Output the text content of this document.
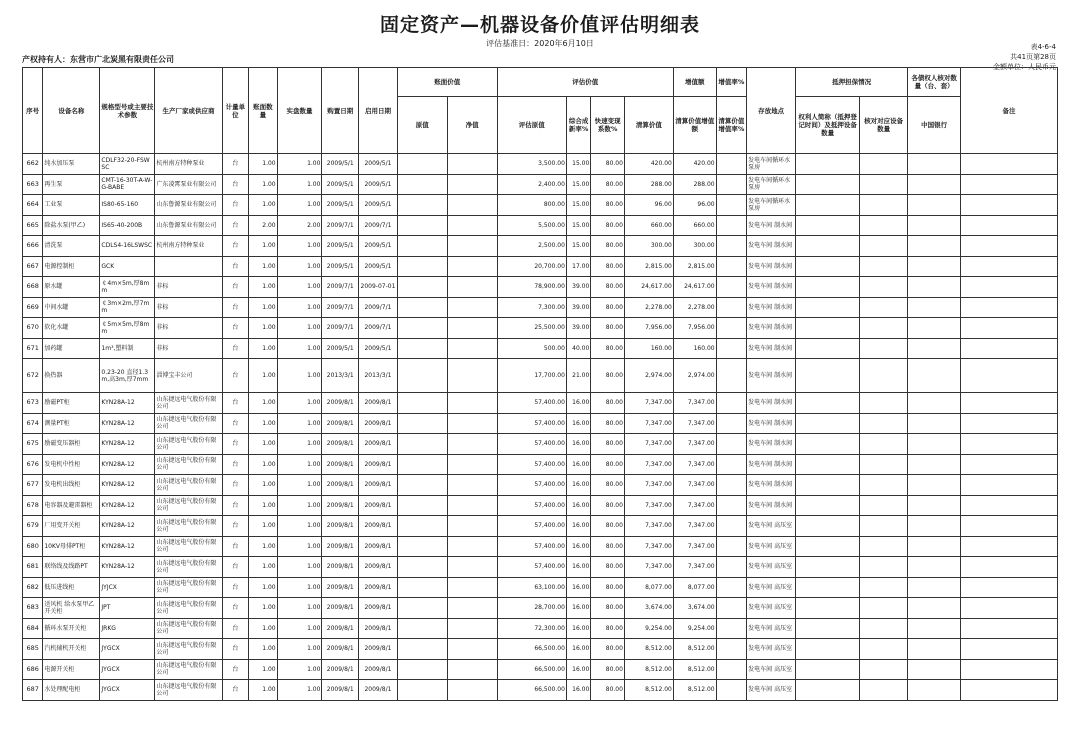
固定资产—机器设备价值评估明细表
评估基准日：2020年6月10日
产权持有人：东营市广北炭黑有限责任公司
表4-6-4
共41页第28页
金额单位：人民币元
序号	设备名称	规格型号或主要技术参数	生产厂家或供应商	计量单位	账面数量	实盘数量	购置日期	启用日期	账面价值		评估价值				增值额	增值率%	存放地点	抵押担保情况		各债权人核对数量（台、套）	备注
									原值	净值	评估原值	综合成新率%	快速变现系数%	清算价值	清算价值增值额	清算价值增值率%		权利人简称（抵押登记时间）及抵押设备数量	核对对应设备数量	中国银行	
662	纯水加压泵	CDLF32-20-FSWSC	杭州南方特种泵业	台	1.00	1.00	2009/5/1	2009/5/1			3,500.00	15.00	80.00	420.00	420.00		发电车间循环水泵房				
663	再生泵	CMT-16-30T-A-W-G-BABE	广东凌霄泵业有限公司	台	1.00	1.00	2009/5/1	2009/5/1			2,400.00	15.00	80.00	288.00	288.00		发电车间循环水泵房				
664	工业泵	IS80-65-160	山东鲁源泵业有限公司	台	1.00	1.00	2009/5/1	2009/5/1			800.00	15.00	80.00	96.00	96.00		发电车间循环水泵房				
665	除盐水泵(甲乙)	IS65-40-200B	山东鲁源泵业有限公司	台	2.00	2.00	2009/7/1	2009/7/1			5,500.00	15.00	80.00	660.00	660.00		发电车间 制水间				
666	清洗泵	CDLS4-16LSWSC	杭州南方特种泵业	台	1.00	1.00	2009/5/1	2009/5/1			2,500.00	15.00	80.00	300.00	300.00		发电车间 制水间				
667	电源控制柜	GCK		台	1.00	1.00	2009/5/1	2009/5/1			20,700.00	17.00	80.00	2,815.00	2,815.00		发电车间 制水间				
668	原水罐	￠4m×5m,厚8mm	非标	台	1.00	1.00	2009/7/1	2009-07-01			78,900.00	39.00	80.00	24,617.00	24,617.00		发电车间 制水间				
669	中间水罐	￠3m×2m,厚7mm	非标	台	1.00	1.00	2009/7/1	2009/7/1			7,300.00	39.00	80.00	2,278.00	2,278.00		发电车间 制水间				
670	软化水罐	￠5m×5m,厚8mm	非标	台	1.00	1.00	2009/7/1	2009/7/1			25,500.00	39.00	80.00	7,956.00	7,956.00		发电车间 制水间				
671	加药罐	1m³,塑料制	非标	台	1.00	1.00	2009/5/1	2009/5/1			500.00	40.00	80.00	160.00	160.00		发电车间 制水间				
672	换热器	0.23-20 直径1.3m,高3m,厚7mm	淄博宝丰公司	台	1.00	1.00	2013/3/1	2013/3/1			17,700.00	21.00	80.00	2,974.00	2,974.00		发电车间 制水间				
673	励磁PT柜	KYN28A-12	山东捷远电气股份有限公司	台	1.00	1.00	2009/8/1	2009/8/1			57,400.00	16.00	80.00	7,347.00	7,347.00		发电车间 制水间				
674	测量PT柜	KYN28A-12	山东捷远电气股份有限公司	台	1.00	1.00	2009/8/1	2009/8/1			57,400.00	16.00	80.00	7,347.00	7,347.00		发电车间 制水间				
675	励磁变压器柜	KYN28A-12	山东捷远电气股份有限公司	台	1.00	1.00	2009/8/1	2009/8/1			57,400.00	16.00	80.00	7,347.00	7,347.00		发电车间 制水间				
676	发电机中性柜	KYN28A-12	山东捷远电气股份有限公司	台	1.00	1.00	2009/8/1	2009/8/1			57,400.00	16.00	80.00	7,347.00	7,347.00		发电车间 制水间				
677	发电机出线柜	KYN28A-12	山东捷远电气股份有限公司	台	1.00	1.00	2009/8/1	2009/8/1			57,400.00	16.00	80.00	7,347.00	7,347.00		发电车间 制水间				
678	电容器及避雷器柜	KYN28A-12	山东捷远电气股份有限公司	台	1.00	1.00	2009/8/1	2009/8/1			57,400.00	16.00	80.00	7,347.00	7,347.00		发电车间 制水间				
679	厂用变开关柜	KYN28A-12	山东捷远电气股份有限公司	台	1.00	1.00	2009/8/1	2009/8/1			57,400.00	16.00	80.00	7,347.00	7,347.00		发电车间 高压室				
680	10KV母排PT柜	KYN28A-12	山东捷远电气股份有限公司	台	1.00	1.00	2009/8/1	2009/8/1			57,400.00	16.00	80.00	7,347.00	7,347.00		发电车间 高压室				
681	联络线及线路PT	KYN28A-12	山东捷远电气股份有限公司	台	1.00	1.00	2009/8/1	2009/8/1			57,400.00	16.00	80.00	7,347.00	7,347.00		发电车间 高压室				
682	低压进线柜	JYJCX	山东捷远电气股份有限公司	台	1.00	1.00	2009/8/1	2009/8/1			63,100.00	16.00	80.00	8,077.00	8,077.00		发电车间 高压室				
683	送风机 给水泵甲乙开关柜	JPT	山东捷远电气股份有限公司	台	1.00	1.00	2009/8/1	2009/8/1			28,700.00	16.00	80.00	3,674.00	3,674.00		发电车间 高压室				
684	循环水泵开关柜	JRKG	山东捷远电气股份有限公司	台	1.00	1.00	2009/8/1	2009/8/1			72,300.00	16.00	80.00	9,254.00	9,254.00		发电车间 高压室				
685	汽机辅机开关柜	JYGCX	山东捷远电气股份有限公司	台	1.00	1.00	2009/8/1	2009/8/1			66,500.00	16.00	80.00	8,512.00	8,512.00		发电车间 高压室				
686	电源开关柜	JYGCX	山东捷远电气股份有限公司	台	1.00	1.00	2009/8/1	2009/8/1			66,500.00	16.00	80.00	8,512.00	8,512.00		发电车间 高压室				
687	水处理配电柜	JYGCX	山东捷远电气股份有限公司	台	1.00	1.00	2009/8/1	2009/8/1			66,500.00	16.00	80.00	8,512.00	8,512.00		发电车间 高压室				
